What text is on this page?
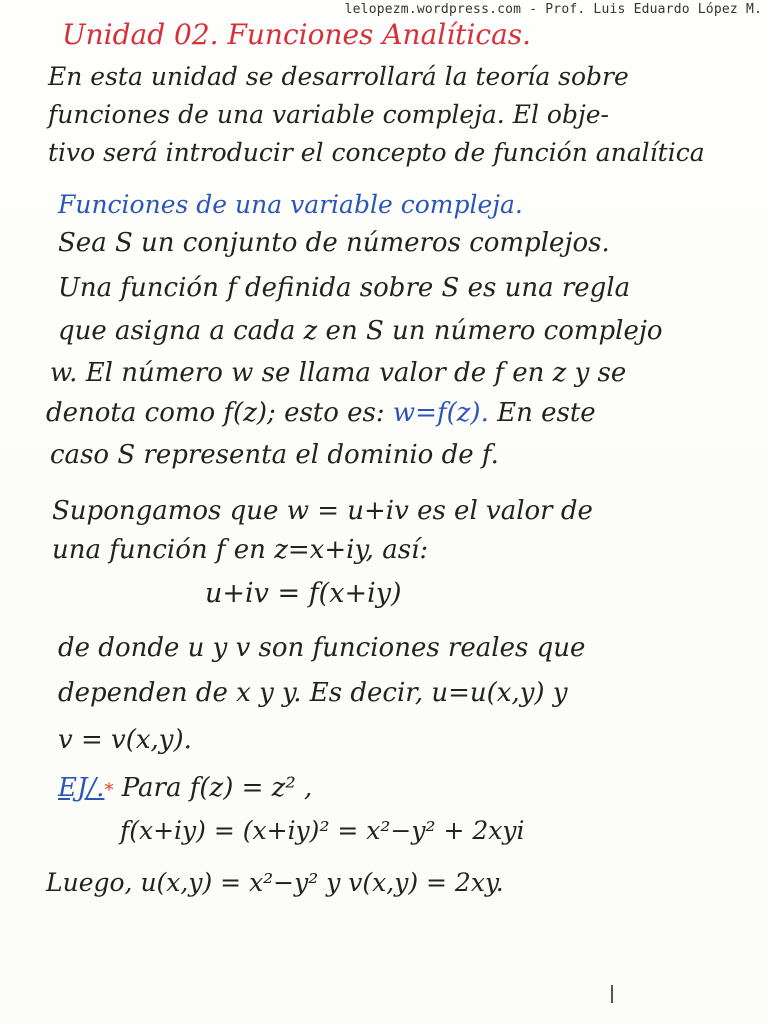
lelopezm.wordpress.com - Prof. Luis Eduardo López M.
Unidad 02. Funciones Analíticas.
En esta unidad se desarrollará la teoría sobre
funciones de una variable compleja. El obje-
tivo será introducir el concepto de función analítica
Funciones de una variable compleja.
Sea S un conjunto de números complejos.
Una función f definida sobre S es una regla
que asigna a cada z en S un número complejo
w. El número w se llama valor de f en z y se
denota como f(z); esto es: w=f(z). En este
caso S representa el dominio de f.
Supongamos que w = u+iv es el valor de
una función f en z=x+iy, así:
u+iv = f(x+iy)
de donde u y v son funciones reales que
dependen de x y y. Es decir, u=u(x,y) y
v = v(x,y).
EJ/.* Para f(z) = z² ,
f(x+iy) = (x+iy)² = x²−y² + 2xyi
Luego, u(x,y) = x²−y² y v(x,y) = 2xy.
